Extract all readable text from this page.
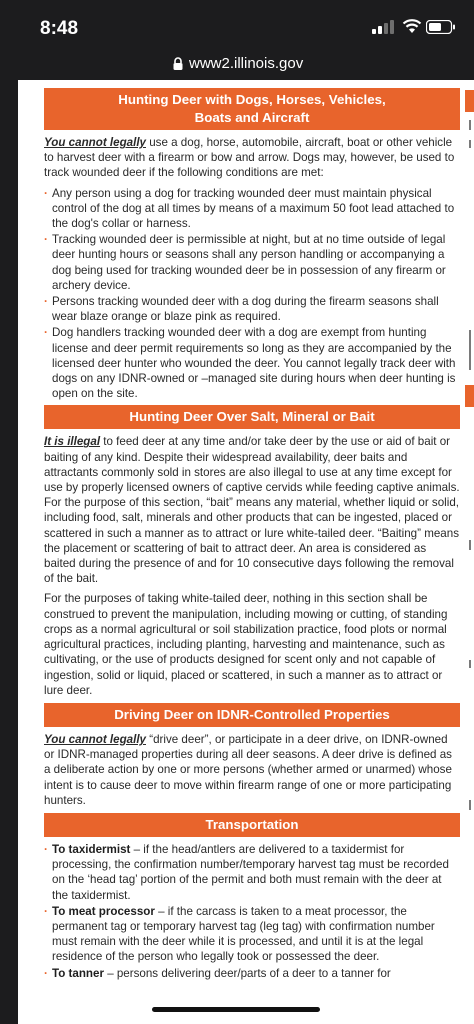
8:48
www2.illinois.gov
Hunting Deer with Dogs, Horses, Vehicles,
Boats and Aircraft

You cannot legally use a dog, horse, automobile, aircraft, boat or other vehicle to harvest deer with a firearm or bow and arrow. Dogs may, however, be used to track wounded deer if the following conditions are met:

· Any person using a dog for tracking wounded deer must maintain physical control of the dog at all times by means of a maximum 50 foot lead attached to the dog's collar or harness.
· Tracking wounded deer is permissible at night, but at no time outside of legal deer hunting hours or seasons shall any person handling or accompanying a dog being used for tracking wounded deer be in possession of any firearm or archery device.
· Persons tracking wounded deer with a dog during the firearm seasons shall wear blaze orange or blaze pink as required.
· Dog handlers tracking wounded deer with a dog are exempt from hunting license and deer permit requirements so long as they are accompanied by the licensed deer hunter who wounded the deer. You cannot legally track deer with dogs on any IDNR-owned or –managed site during hours when deer hunting is open on the site.
Hunting Deer Over Salt, Mineral or Bait

It is illegal to feed deer at any time and/or take deer by the use or aid of bait or baiting of any kind. Despite their widespread availability, deer baits and attractants commonly sold in stores are also illegal to use at any time except for use by properly licensed owners of captive cervids while feeding captive animals. For the purpose of this section, “bait” means any material, whether liquid or solid, including food, salt, minerals and other products that can be ingested, placed or scattered in such a manner as to attract or lure white-tailed deer. “Baiting” means the placement or scattering of bait to attract deer. An area is considered as baited during the presence of and for 10 consecutive days following the removal of the bait.

For the purposes of taking white-tailed deer, nothing in this section shall be construed to prevent the manipulation, including mowing or cutting, of standing crops as a normal agricultural or soil stabilization practice, food plots or normal agricultural practices, including planting, harvesting and maintenance, such as cultivating, or the use of products designed for scent only and not capable of ingestion, solid or liquid, placed or scattered, in such a manner as to attract or lure deer.

Driving Deer on IDNR-Controlled Properties

You cannot legally “drive deer”, or participate in a deer drive, on IDNR-owned or IDNR-managed properties during all deer seasons. A deer drive is defined as a deliberate action by one or more persons (whether armed or unarmed) whose intent is to cause deer to move within firearm range of one or more participating hunters.

Transportation
· To taxidermist – if the head/antlers are delivered to a taxidermist for processing, the confirmation number/temporary harvest tag must be recorded on the ‘head tag’ portion of the permit and both must remain with the deer at the taxidermist.
· To meat processor – if the carcass is taken to a meat processor, the permanent tag or temporary harvest tag (leg tag) with confirmation number must remain with the deer while it is processed, and until it is at the legal residence of the person who legally took or possessed the deer.
· To tanner – persons delivering deer/parts of a deer to a tanner for
